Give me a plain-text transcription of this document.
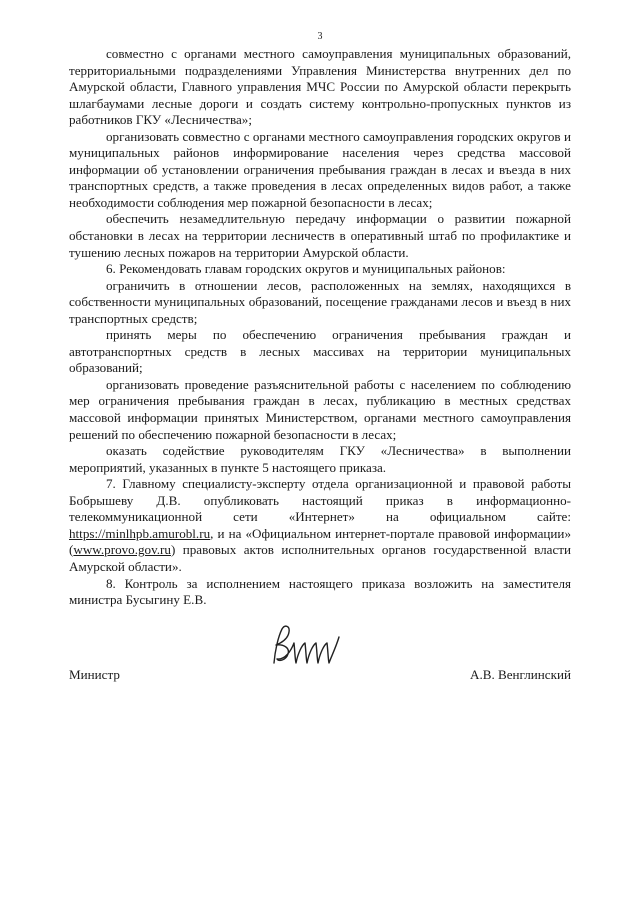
3

совместно с органами местного самоуправления муниципальных образований, территориальными подразделениями Управления Министерства внутренних дел по Амурской области, Главного управления МЧС России по Амурской области перекрыть шлагбаумами лесные дороги и создать систему контрольно-пропускных пунктов из работников ГКУ «Лесничества»;

организовать совместно с органами местного самоуправления городских округов и муниципальных районов информирование населения через средства массовой информации об установлении ограничения пребывания граждан в лесах и въезда в них транспортных средств, а также проведения в лесах определенных видов работ, а также необходимости соблюдения мер пожарной безопасности в лесах;

обеспечить незамедлительную передачу информации о развитии пожарной обстановки в лесах на территории лесничеств в оперативный штаб по профилактике и тушению лесных пожаров на территории Амурской области.

6. Рекомендовать главам городских округов и муниципальных районов:

ограничить в отношении лесов, расположенных на землях, находящихся в собственности муниципальных образований, посещение гражданами лесов и въезд в них транспортных средств;

принять меры по обеспечению ограничения пребывания граждан и автотранспортных средств в лесных массивах на территории муниципальных образований;

организовать проведение разъяснительной работы с населением по соблюдению мер ограничения пребывания граждан в лесах, публикацию в местных средствах массовой информации принятых Министерством, органами местного самоуправления решений по обеспечению пожарной безопасности в лесах;

оказать содействие руководителям ГКУ «Лесничества» в выполнении мероприятий, указанных в пункте 5 настоящего приказа.

7. Главному специалисту-эксперту отдела организационной и правовой работы Бобрышеву Д.В. опубликовать настоящий приказ в информационно-телекоммуникационной сети «Интернет» на официальном сайте: https://minlhpb.amurobl.ru, и на «Официальном интернет-портале правовой информации» (www.provo.gov.ru) правовых актов исполнительных органов государственной власти Амурской области».

8. Контроль за исполнением настоящего приказа возложить на заместителя министра Бусыгину Е.В.

Министр	А.В. Венглинский
